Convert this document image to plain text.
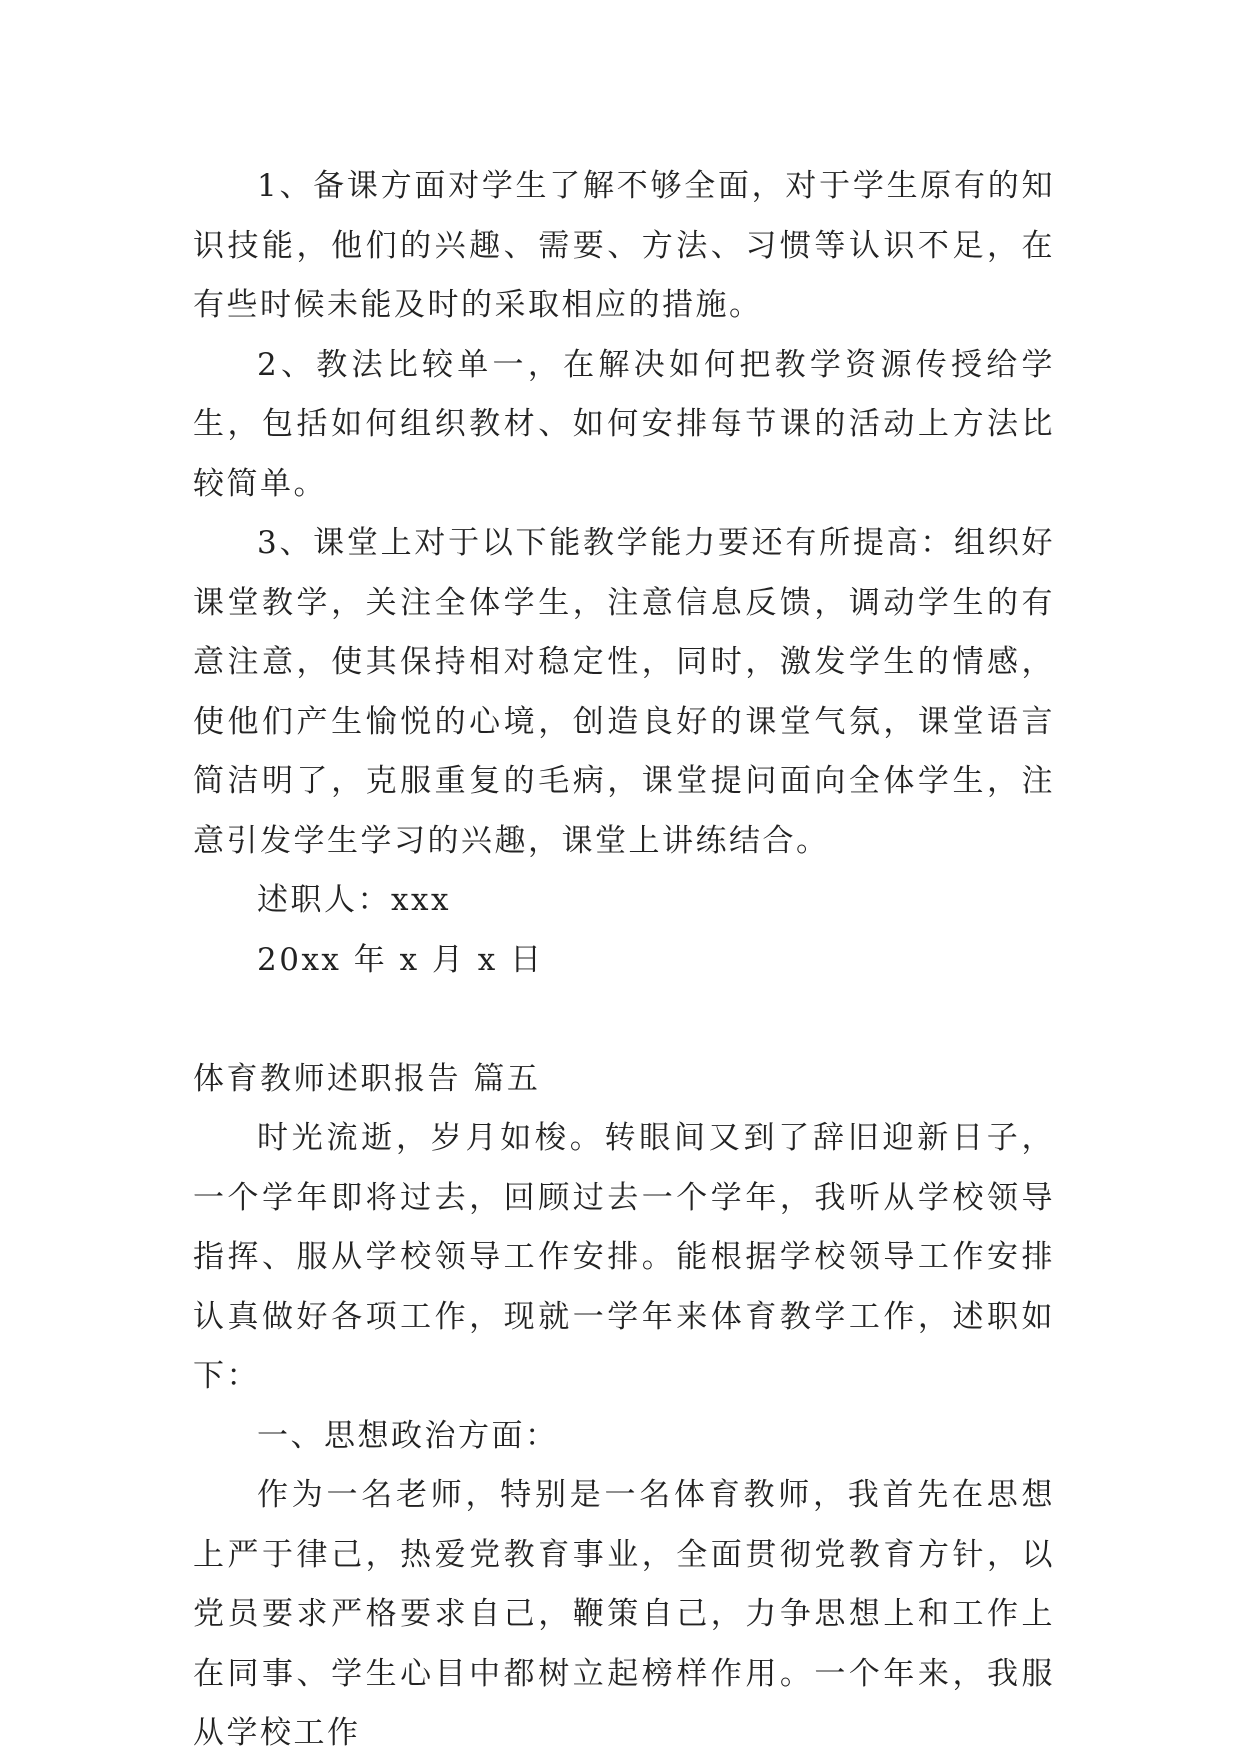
1、备课方面对学生了解不够全面，对于学生原有的知识技能，他们的兴趣、需要、方法、习惯等认识不足，在有些时候未能及时的采取相应的措施。

2、教法比较单一，在解决如何把教学资源传授给学生，包括如何组织教材、如何安排每节课的活动上方法比较简单。

3、课堂上对于以下能教学能力要还有所提高：组织好课堂教学，关注全体学生，注意信息反馈，调动学生的有意注意，使其保持相对稳定性，同时，激发学生的情感，使他们产生愉悦的心境，创造良好的课堂气氛，课堂语言简洁明了，克服重复的毛病，课堂提问面向全体学生，注意引发学生学习的兴趣，课堂上讲练结合。

述职人：xxx

20xx 年 x 月 x 日

体育教师述职报告 篇五

时光流逝，岁月如梭。转眼间又到了辞旧迎新日子，一个学年即将过去，回顾过去一个学年，我听从学校领导指挥、服从学校领导工作安排。能根据学校领导工作安排认真做好各项工作，现就一学年来体育教学工作，述职如下：

一、思想政治方面：

作为一名老师，特别是一名体育教师，我首先在思想上严于律己，热爱党教育事业，全面贯彻党教育方针，以党员要求严格要求自己，鞭策自己，力争思想上和工作上在同事、学生心目中都树立起榜样作用。一个年来，我服从学校工作
